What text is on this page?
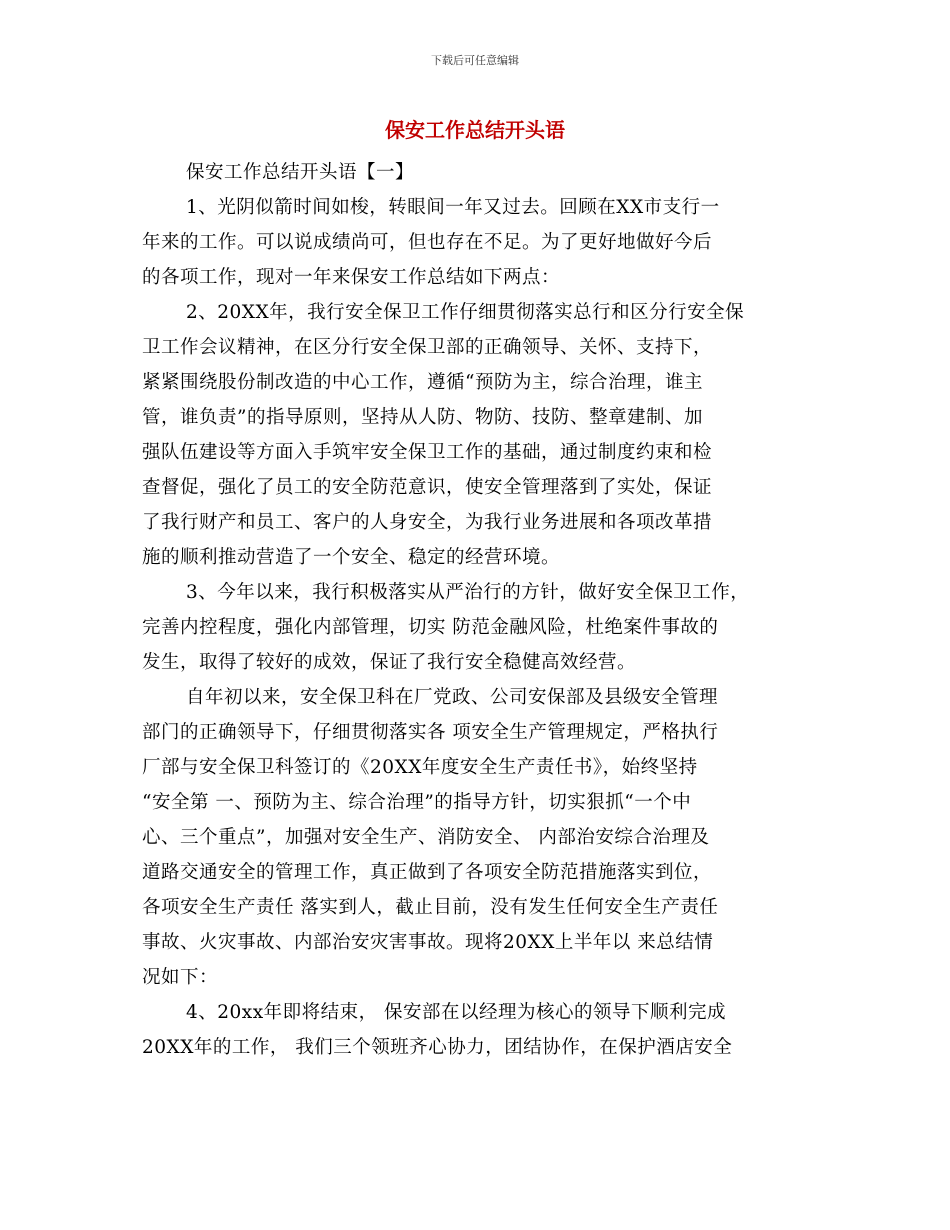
下载后可任意编辑
保安工作总结开头语
保安工作总结开头语【一】
1、光阴似箭时间如梭，转眼间一年又过去。回顾在XX市支行一
年来的工作。可以说成绩尚可，但也存在不足。为了更好地做好今后
的各项工作，现对一年来保安工作总结如下两点：
2、20XX年，我行安全保卫工作仔细贯彻落实总行和区分行安全保
卫工作会议精神，在区分行安全保卫部的正确领导、关怀、支持下，
紧紧围绕股份制改造的中心工作，遵循“预防为主，综合治理，谁主
管，谁负责”的指导原则，坚持从人防、物防、技防、整章建制、加
强队伍建设等方面入手筑牢安全保卫工作的基础，通过制度约束和检
查督促，强化了员工的安全防范意识，使安全管理落到了实处，保证
了我行财产和员工、客户的人身安全，为我行业务进展和各项改革措
施的顺利推动营造了一个安全、稳定的经营环境。
3、今年以来，我行积极落实从严治行的方针，做好安全保卫工作，
完善内控程度，强化内部管理，切实 防范金融风险，杜绝案件事故的
发生，取得了较好的成效，保证了我行安全稳健高效经营。
自年初以来，安全保卫科在厂党政、公司安保部及县级安全管理
部门的正确领导下，仔细贯彻落实各 项安全生产管理规定，严格执行
厂部与安全保卫科签订的《20XX年度安全生产责任书》，始终坚持
“安全第 一、预防为主、综合治理”的指导方针，切实狠抓“一个中
心、三个重点”，加强对安全生产、消防安全、 内部治安综合治理及
道路交通安全的管理工作，真正做到了各项安全防范措施落实到位，
各项安全生产责任 落实到人，截止目前，没有发生任何安全生产责任
事故、火灾事故、内部治安灾害事故。现将20XX上半年以 来总结情
况如下：
4、20xx年即将结束， 保安部在以经理为核心的领导下顺利完成
20XX年的工作， 我们三个领班齐心协力，团结协作，在保护酒店安全
